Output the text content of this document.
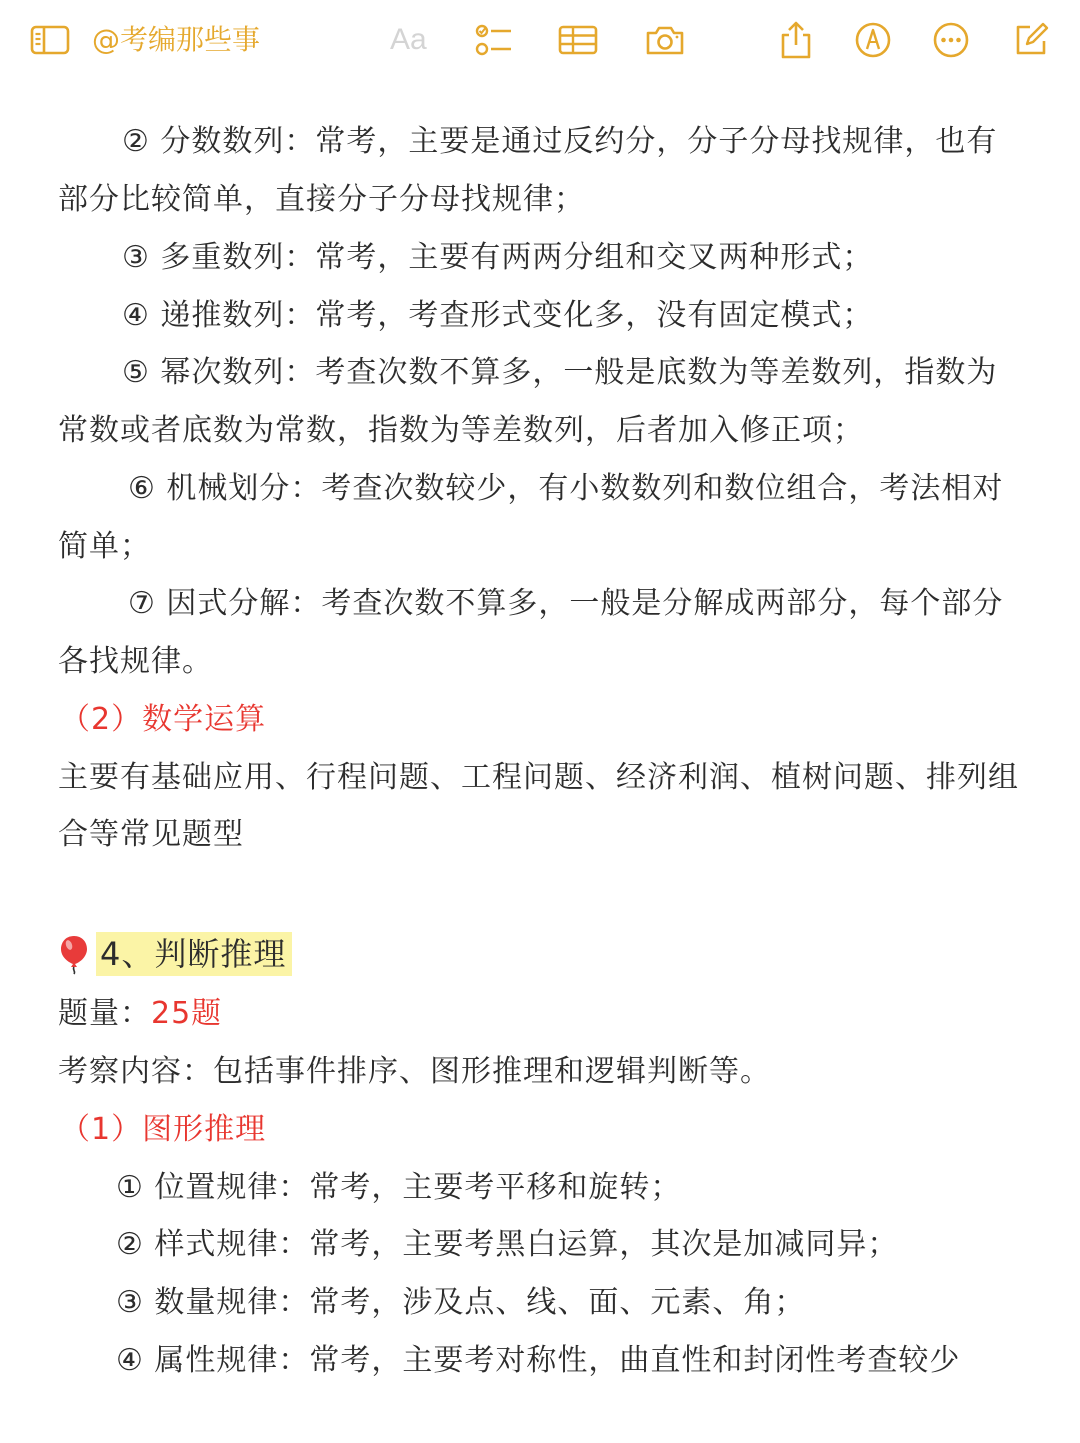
@考编那些事	Aa
② 分数数列：常考，主要是通过反约分，分子分母找规律，也有
部分比较简单，直接分子分母找规律；
③ 多重数列：常考，主要有两两分组和交叉两种形式；
④ 递推数列：常考，考查形式变化多，没有固定模式；
⑤ 幂次数列：考查次数不算多，一般是底数为等差数列，指数为
常数或者底数为常数，指数为等差数列，后者加入修正项；
⑥ 机械划分：考查次数较少，有小数数列和数位组合，考法相对
简单；
⑦ 因式分解：考查次数不算多，一般是分解成两部分，每个部分
各找规律。
（2）数学运算
主要有基础应用、行程问题、工程问题、经济利润、植树问题、排列组
合等常见题型
4、判断推理
题量：25题
考察内容：包括事件排序、图形推理和逻辑判断等。
（1）图形推理
① 位置规律：常考，主要考平移和旋转；
② 样式规律：常考，主要考黑白运算，其次是加减同异；
③ 数量规律：常考，涉及点、线、面、元素、角；
④ 属性规律：常考，主要考对称性，曲直性和封闭性考查较少
